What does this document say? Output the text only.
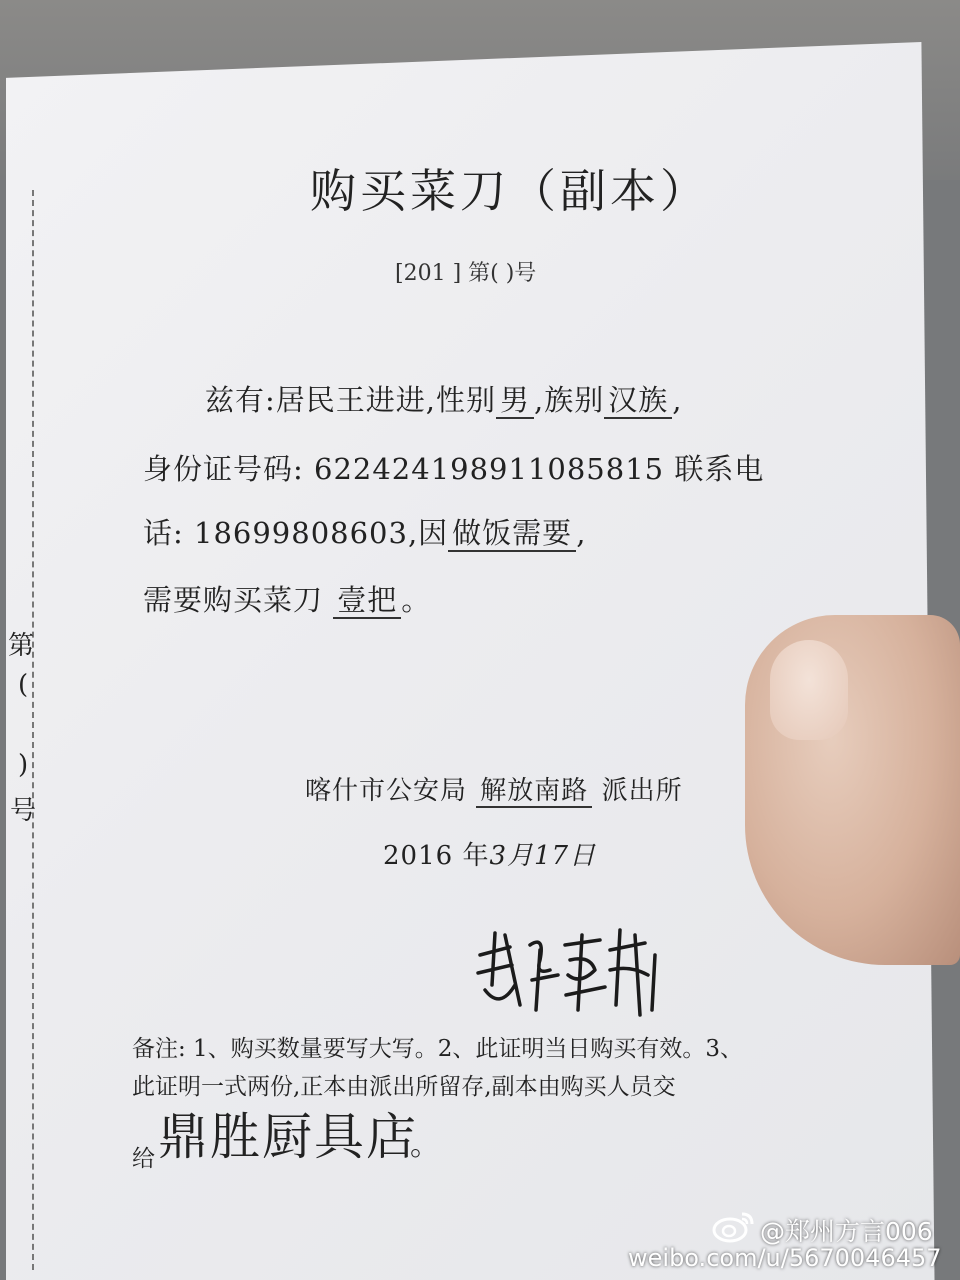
第
(
)
号
购买菜刀（副本）
[201 ] 第( )号
兹有:居民王进进,性别 男 ,族别 汉族 ,
身份证号码: 622424198911085815 联系电
话: 18699808603,因 做饭需要 ,
需要购买菜刀 壹把 。
喀什市公安局 解放南路 派出所
2016 年3月17日
备注: 1、购买数量要写大写。2、此证明当日购买有效。3、
此证明一式两份,正本由派出所留存,副本由购买人员交
给 鼎胜厨具店
。
@郑州方言006
weibo.com/u/5670046457
